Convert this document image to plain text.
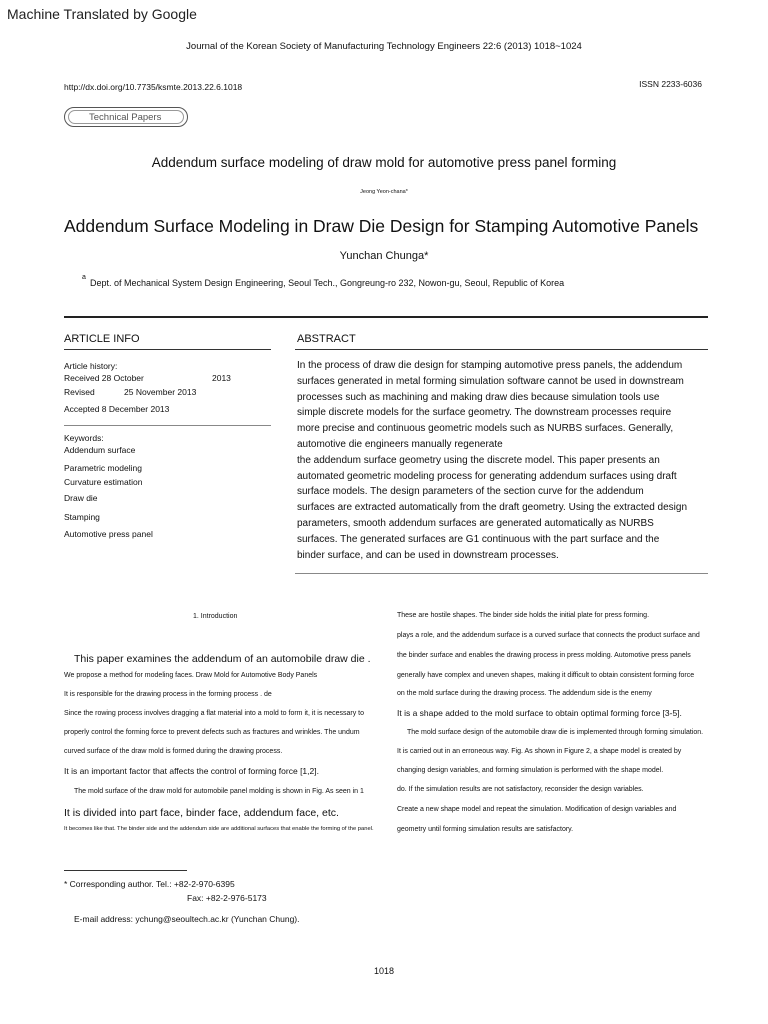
Machine Translated by Google
Journal of the Korean Society of Manufacturing Technology Engineers 22:6 (2013) 1018~1024
http://dx.doi.org/10.7735/ksmte.2013.22.6.1018	ISSN 2233-6036
Technical Papers
Addendum surface modeling of draw mold for automotive press panel forming
Jeong Yeon-chana*
Addendum Surface Modeling in Draw Die Design for Stamping Automotive Panels
Yunchan Chunga*
a
Dept. of Mechanical System Design Engineering, Seoul Tech., Gongreung-ro 232, Nowon-gu, Seoul, Republic of Korea
ARTICLE INFO	ABSTRACT
Article history:
Received 28 October	2013
Revised	25 November 2013
Accepted 8 December 2013
Keywords:
Addendum surface
Parametric modeling
Curvature estimation
Draw die
Stamping
Automotive press panel
In the process of draw die design for stamping automotive press panels, the addendum
surfaces generated in metal forming simulation software cannot be used in downstream
processes such as machining and making draw dies because simulation tools use
simple discrete models for the surface geometry. The downstream processes require
more precise and continuous geometric models such as NURBS surfaces. Generally,
automotive die engineers manually regenerate
the addendum surface geometry using the discrete model. This paper presents an
automated geometric modeling process for generating addendum surfaces using draft
surface models. The design parameters of the section curve for the addendum
surfaces are extracted automatically from the draft geometry. Using the extracted design
parameters, smooth addendum surfaces are generated automatically as NURBS
surfaces. The generated surfaces are G1 continuous with the part surface and the
binder surface, and can be used in downstream processes.
1. Introduction
This paper examines the addendum of an automobile draw die .
We propose a method for modeling faces. Draw Mold for Automotive Body Panels
It is responsible for the drawing process in the forming process . de
Since the rowing process involves dragging a flat material into a mold to form it, it is necessary to
properly control the forming force to prevent defects such as fractures and wrinkles. The undum
curved surface of the draw mold is formed during the drawing process.
It is an important factor that affects the control of forming force [1,2].
The mold surface of the draw mold for automobile panel molding is shown in Fig. As seen in 1
It is divided into part face, binder face, addendum face, etc.
It becomes like that. The binder side and the addendum side are additional surfaces that enable the forming of the panel.
These are hostile shapes. The binder side holds the initial plate for press forming.
plays a role, and the addendum surface is a curved surface that connects the product surface and
the binder surface and enables the drawing process in press molding. Automotive press panels
generally have complex and uneven shapes, making it difficult to obtain consistent forming force
on the mold surface during the drawing process. The addendum side is the enemy
It is a shape added to the mold surface to obtain optimal forming force [3-5].
The mold surface design of the automobile draw die is implemented through forming simulation.
It is carried out in an erroneous way. Fig. As shown in Figure 2, a shape model is created by
changing design variables, and forming simulation is performed with the shape model.
do. If the simulation results are not satisfactory, reconsider the design variables.
Create a new shape model and repeat the simulation. Modification of design variables and
geometry until forming simulation results are satisfactory.
* Corresponding author. Tel.: +82-2-970-6395
Fax: +82-2-976-5173
E-mail address: ychung@seoultech.ac.kr (Yunchan Chung).
1018
